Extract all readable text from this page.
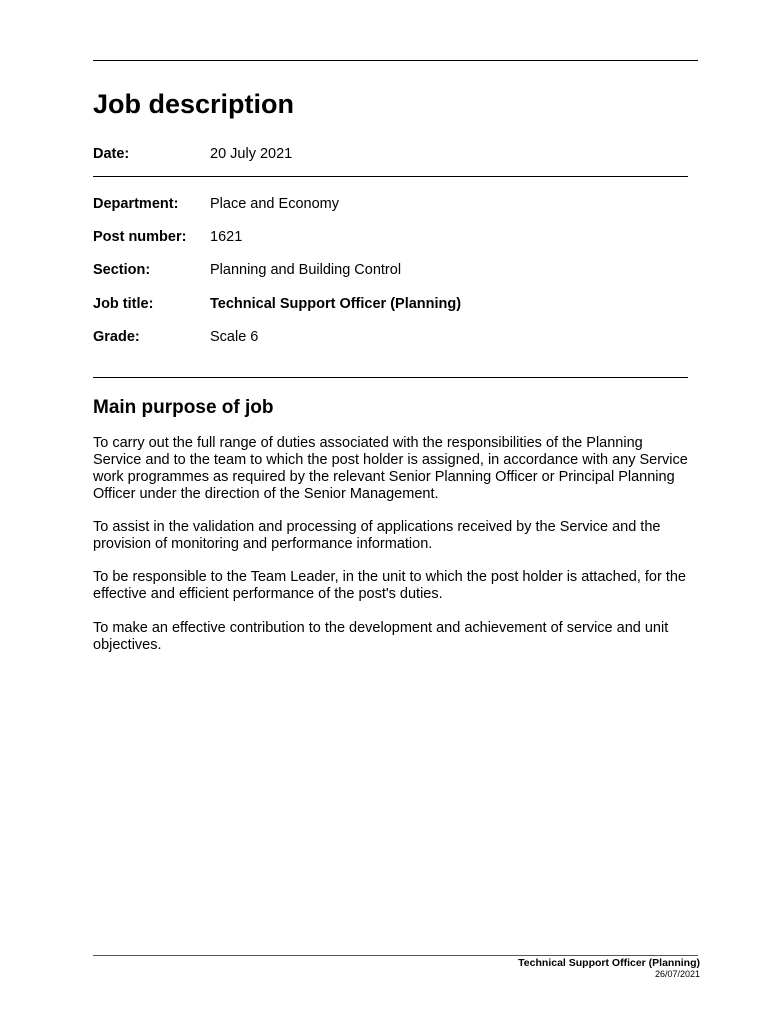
Job description
Date:	20 July 2021
Department: Place and Economy
Post number: 1621
Section:	Planning and Building Control
Job title:	Technical Support Officer (Planning)
Grade:	Scale 6
Main purpose of job

To carry out the full range of duties associated with the responsibilities of the Planning Service and to the team to which the post holder is assigned, in accordance with any Service work programmes as required by the relevant Senior Planning Officer or Principal Planning Officer under the direction of the Senior Management.

To assist in the validation and processing of applications received by the Service and the provision of monitoring and performance information.

To be responsible to the Team Leader, in the unit to which the post holder is attached, for the effective and efficient performance of the post's duties.

To make an effective contribution to the development and achievement of service and unit objectives.

Technical Support Officer (Planning)
26/07/2021
